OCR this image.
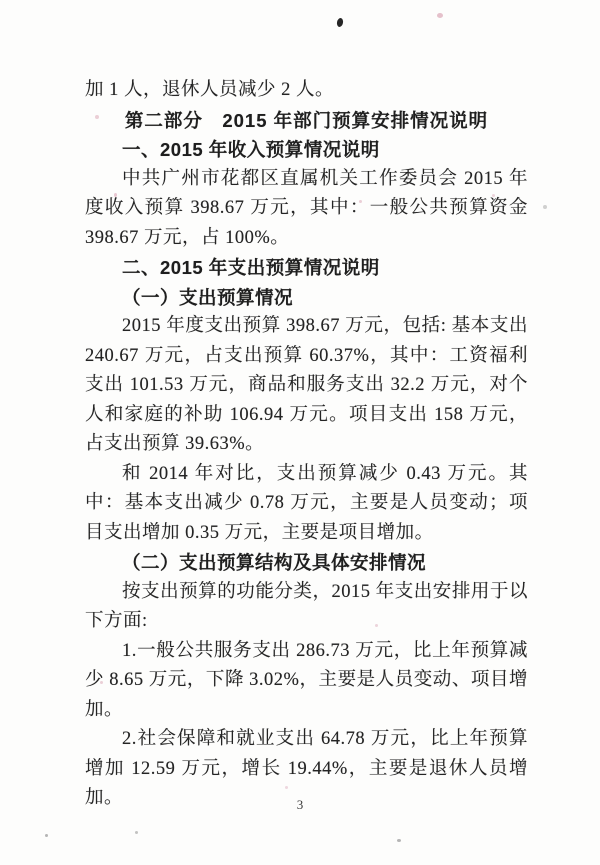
加 1 人，退休人员减少 2 人。

第二部分　2015 年部门预算安排情况说明
一、2015 年收入预算情况说明

中共广州市花都区直属机关工作委员会 2015 年度收入预算 398.67 万元，其中：一般公共预算资金 398.67 万元，占 100%。

二、2015 年支出预算情况说明
（一）支出预算情况

2015 年度支出预算 398.67 万元，包括: 基本支出 240.67 万元，占支出预算 60.37%，其中：工资福利支出 101.53 万元，商品和服务支出 32.2 万元，对个人和家庭的补助 106.94 万元。项目支出 158 万元，占支出预算 39.63%。

和 2014 年对比，支出预算减少 0.43 万元。其中：基本支出减少 0.78 万元，主要是人员变动；项目支出增加 0.35 万元，主要是项目增加。

（二）支出预算结构及具体安排情况

按支出预算的功能分类，2015 年支出安排用于以下方面:

1.一般公共服务支出 286.73 万元，比上年预算减少 8.65 万元，下降 3.02%，主要是人员变动、项目增加。

2.社会保障和就业支出 64.78 万元，比上年预算增加 12.59 万元，增长 19.44%，主要是退休人员增加。	3
